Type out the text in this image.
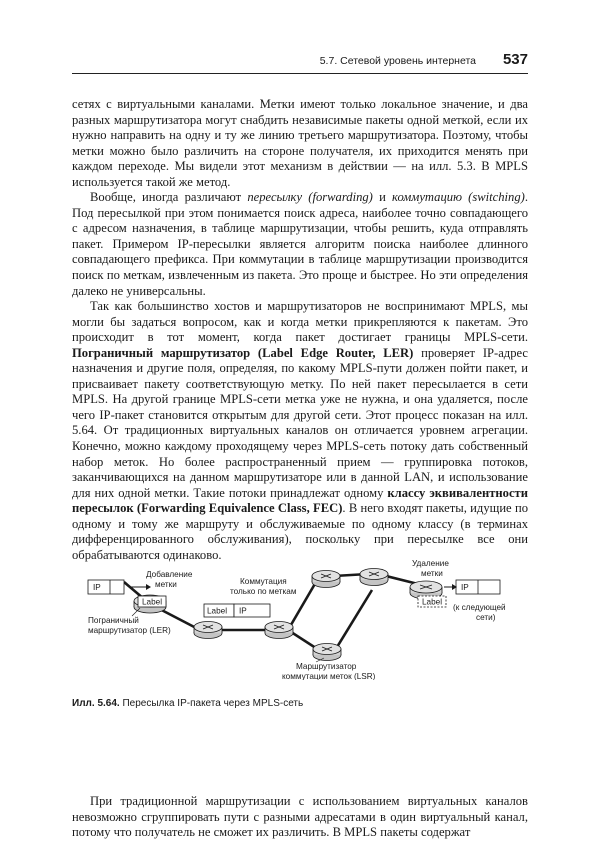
5.7. Сетевой уровень интернета 537

сетях с виртуальными каналами. Метки имеют только локальное значение, и два разных маршрутизатора могут снабдить независимые пакеты одной меткой, если их нужно направить на одну и ту же линию третьего маршрутизатора. Поэтому, чтобы метки можно было различить на стороне получателя, их приходится менять при каждом переходе. Мы видели этот механизм в действии — на илл. 5.3. В MPLS используется такой же метод.

Вообще, иногда различают пересылку (forwarding) и коммутацию (switching). Под пересылкой при этом понимается поиск адреса, наиболее точно совпадающего с адресом назначения, в таблице маршрутизации, чтобы решить, куда отправлять пакет. Примером IP-пересылки является алгоритм поиска наиболее длинного совпадающего префикса. При коммутации в таблице маршрутизации производится поиск по меткам, извлеченным из пакета. Это проще и быстрее. Но эти определения далеко не универсальны.

Так как большинство хостов и маршрутизаторов не воспринимают MPLS, мы могли бы задаться вопросом, как и когда метки прикрепляются к пакетам. Это происходит в тот момент, когда пакет достигает границы MPLS-сети. Пограничный маршрутизатор (Label Edge Router, LER) проверяет IP-адрес назначения и другие поля, определяя, по какому MPLS-пути должен пойти пакет, и присваивает пакету соответствующую метку. По ней пакет пересылается в сети MPLS. На другой границе MPLS-сети метка уже не нужна, и она удаляется, после чего IP-пакет становится открытым для другой сети. Этот процесс показан на илл. 5.64. От традиционных виртуальных каналов он отличается уровнем агрегации. Конечно, можно каждому проходящему через MPLS-сеть потоку дать собственный набор меток. Но более распространенный прием — группировка потоков, заканчивающихся на данном маршрутизаторе или в данной LAN, и использование для них одной метки. Такие потоки принадлежат одному классу эквивалентности пересылок (Forwarding Equivalence Class, FEC). В него входят пакеты, идущие по одному и тому же маршруту и обслуживаемые по одному классу (в терминах дифференцированного обслуживания), поскольку при пересылке все они обрабатываются одинаково.

IP
Label
Добавление
метки
Label IP
Коммутация
только по меткам
Удаление
метки
Label
IP
(к следующей
сети)
Пограничный
маршрутизатор (LER)
Маршрутизатор
коммутации меток (LSR)
Илл. 5.64. Пересылка IP-пакета через MPLS-сеть

При традиционной маршрутизации с использованием виртуальных каналов невозможно сгруппировать пути с разными адресатами в один виртуальный канал, потому что получатель не сможет их различить. В MPLS пакеты содержат
